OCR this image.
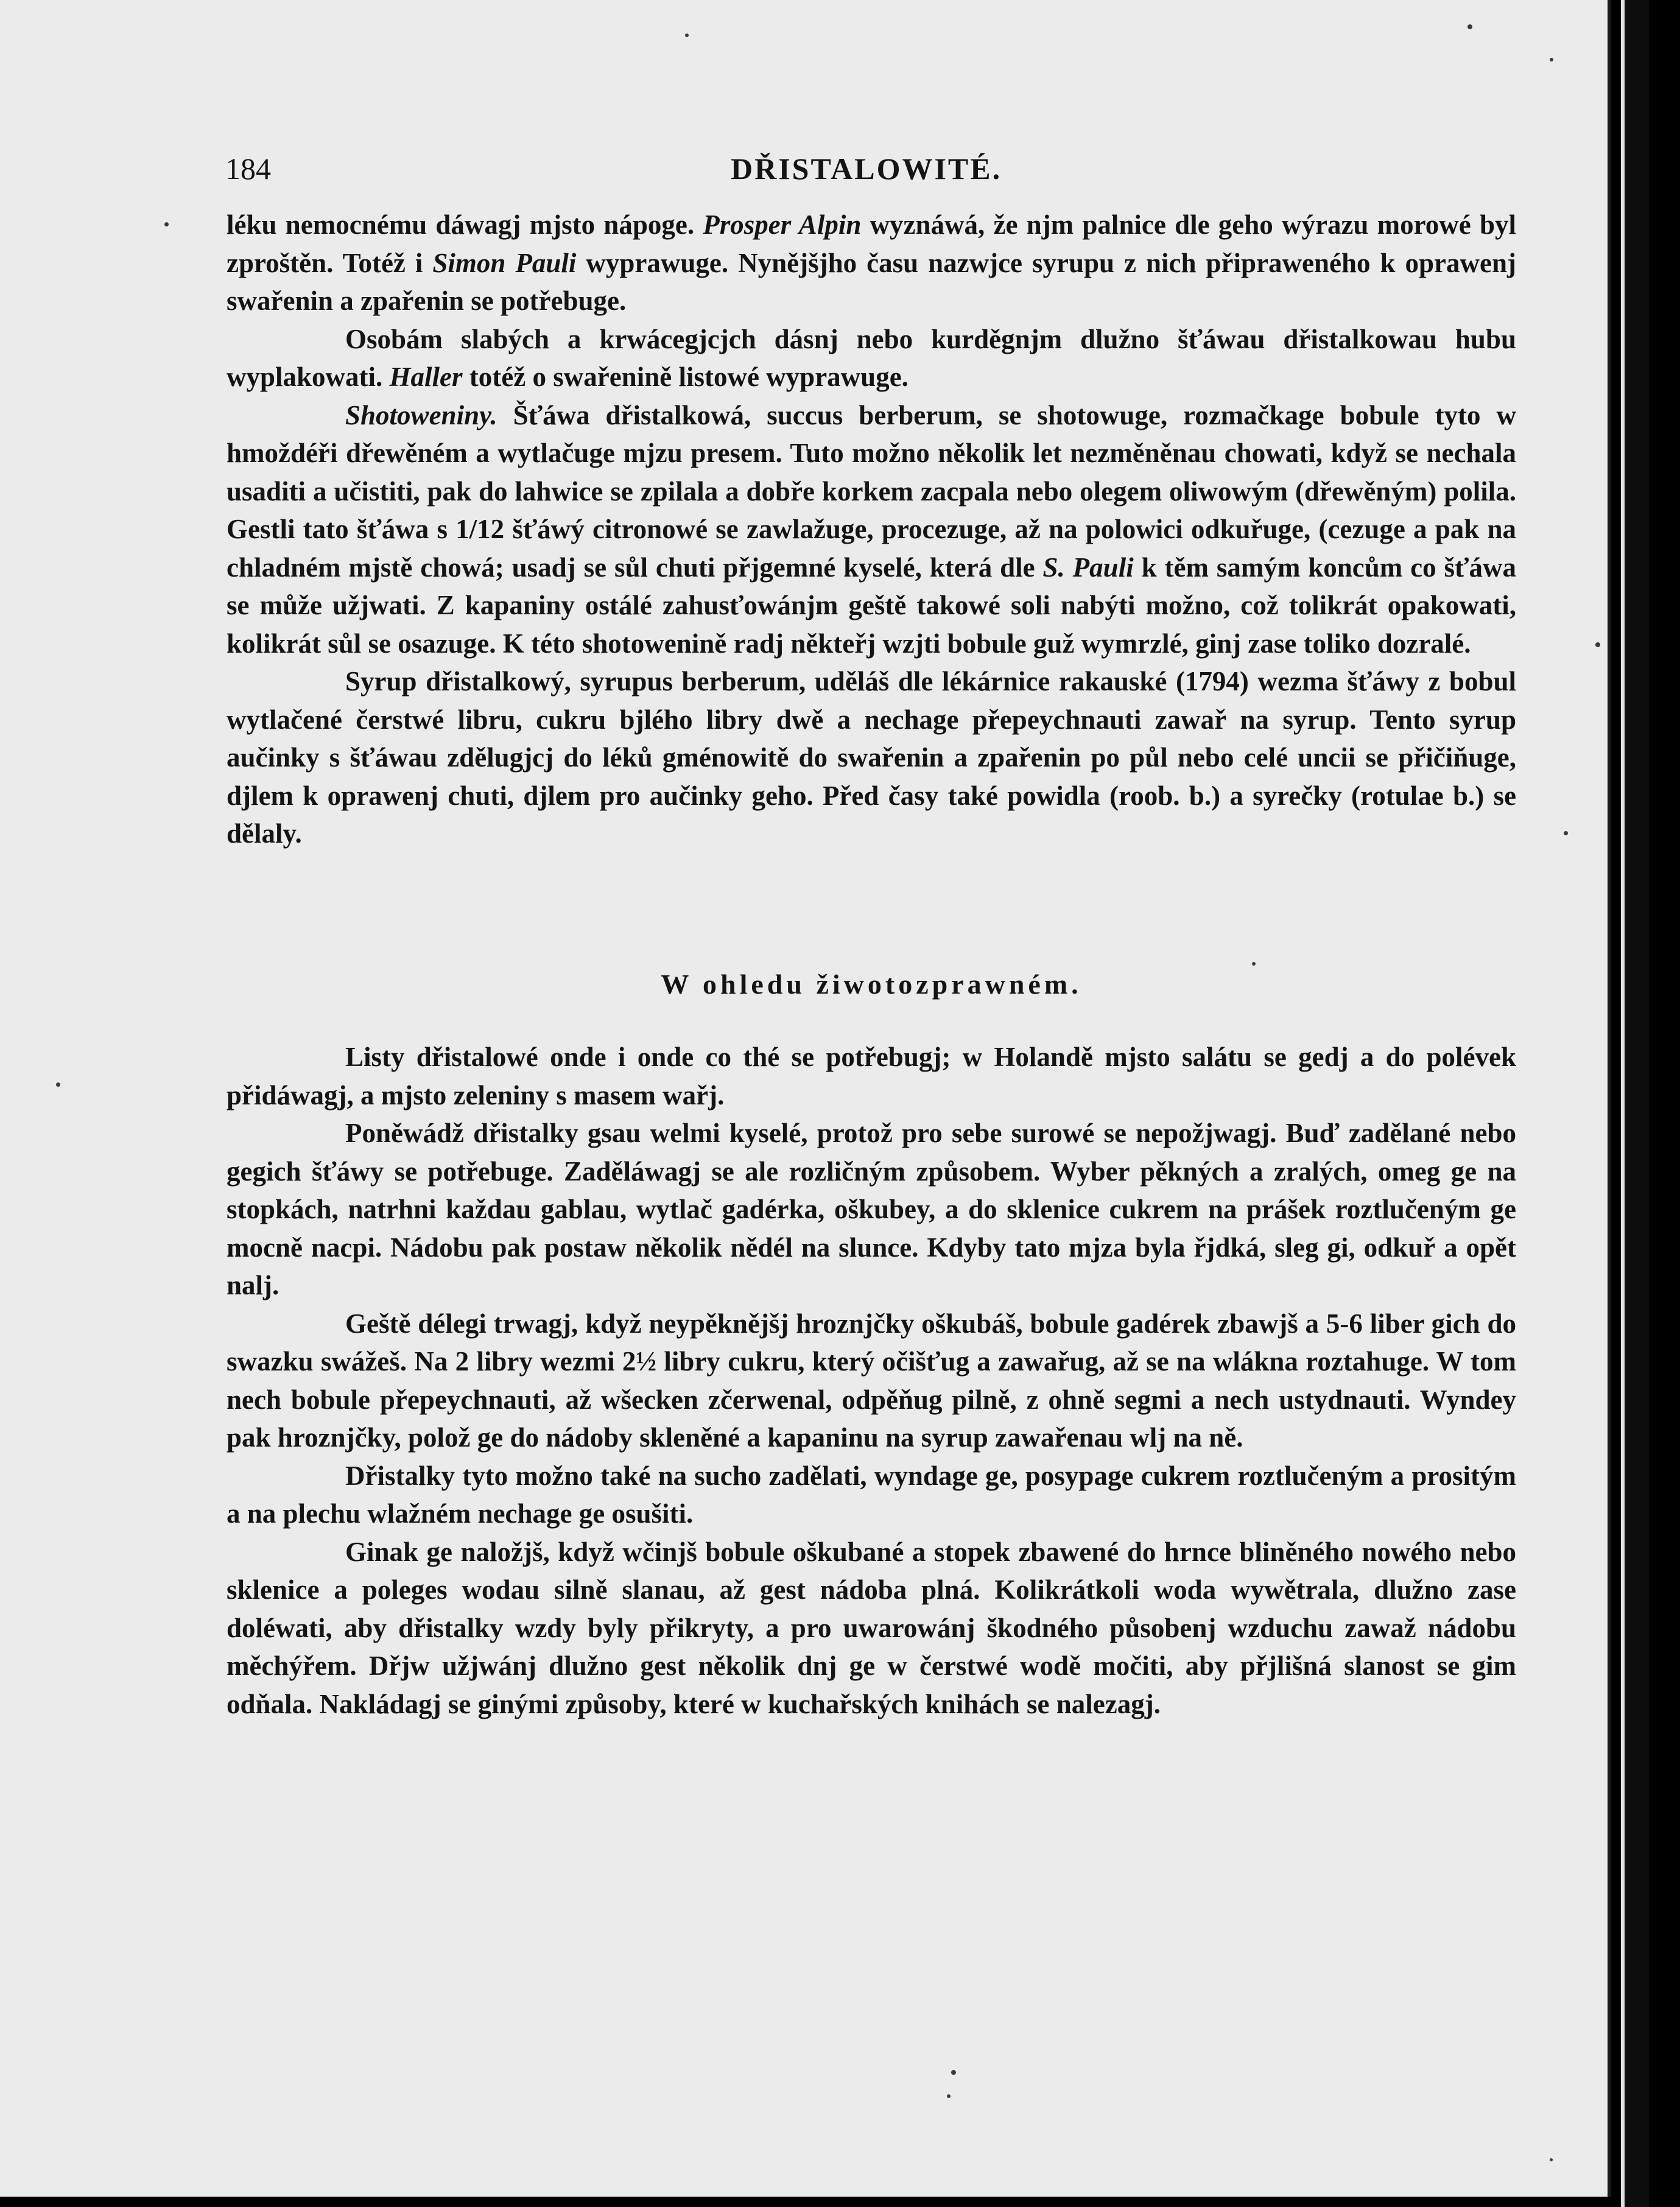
184	DŘISTALOWITÉ.

léku nemocnému dáwagj mjsto nápoge. Prosper Alpin wyznáwá, že njm palnice dle geho wýrazu morowé byl zproštěn. Totéž i Simon Pauli wyprawuge. Nynějšjho času nazwjce syrupu z nich připraweného k oprawenj swařenin a zpařenin se potřebuge.

Osobám slabých a krwácegjcjch dásnj nebo kurděgnjm dlužno šťáwau dřistalkowau hubu wyplakowati. Haller totéž o swařenině listowé wyprawuge.

Shotoweniny. Šťáwa dřistalkowá, succus berberum, se shotowuge, rozmačkage bobule tyto w hmoždéři dřewěném a wytlačuge mjzu presem. Tuto možno několik let nezměněnau chowati, když se nechala usaditi a učistiti, pak do lahwice se zpilala a dobře korkem zacpala nebo olegem oliwowým (dřewěným) polila. Gestli tato šťáwa s 1/12 šťáwý citronowé se zawlažuge, procezuge, až na polowici odkuřuge, (cezuge a pak na chladném mjstě chowá; usadj se sůl chuti přjgemné kyselé, která dle S. Pauli k těm samým koncům co šťáwa se může užjwati. Z kapaniny ostálé zahusťowánjm geště takowé soli nabýti možno, což tolikrát opakowati, kolikrát sůl se osazuge. K této shotowenině radj někteřj wzjti bobule guž wymrzlé, ginj zase toliko dozralé.

Syrup dřistalkowý, syrupus berberum, uděláš dle lékárnice rakauské (1794) wezma šťáwy z bobul wytlačené čerstwé libru, cukru bjlého libry dwě a nechage přepeychnauti zawař na syrup. Tento syrup aučinky s šťáwau zdělugjcj do léků gménowitě do swařenin a zpařenin po půl nebo celé uncii se přičiňuge, djlem k oprawenj chuti, djlem pro aučinky geho. Před časy také powidla (roob. b.) a syrečky (rotulae b.) se dělaly.

W ohledu žiwotozprawném.

Listy dřistalowé onde i onde co thé se potřebugj; w Holandě mjsto salátu se gedj a do polévek přidáwagj, a mjsto zeleniny s masem wařj.

Poněwádž dřistalky gsau welmi kyselé, protož pro sebe surowé se nepožjwagj. Buď zadělané nebo gegich šťáwy se potřebuge. Zaděláwagj se ale rozličným způsobem. Wyber pěkných a zralých, omeg ge na stopkách, natrhni každau gablau, wytlač gadérka, oškubey, a do sklenice cukrem na prášek roztlučeným ge mocně nacpi. Nádobu pak postaw několik nědél na slunce. Kdyby tato mjza byla řjdká, sleg gi, odkuř a opět nalj.

Geště délegi trwagj, když neypěknějšj hroznjčky oškubáš, bobule gadérek zbawjš a 5-6 liber gich do swazku swážeš. Na 2 libry wezmi 2½ libry cukru, který očišťug a zawařug, až se na wlákna roztahuge. W tom nech bobule přepeychnauti, až wšecken zčerwenal, odpěňug pilně, z ohně segmi a nech ustydnauti. Wyndey pak hroznjčky, polož ge do nádoby skleněné a kapaninu na syrup zawařenau wlj na ně.

Dřistalky tyto možno také na sucho zadělati, wyndage ge, posypage cukrem roztlučeným a prositým a na plechu wlažném nechage ge osušiti.

Ginak ge naložjš, když wčinjš bobule oškubané a stopek zbawené do hrnce bliněného nowého nebo sklenice a poleges wodau silně slanau, až gest nádoba plná. Kolikrátkoli woda wywětrala, dlužno zase doléwati, aby dřistalky wzdy byly přikryty, a pro uwarowánj škodného působenj wzduchu zawaž nádobu měchýřem. Dřjw užjwánj dlužno gest několik dnj ge w čerstwé wodě močiti, aby přjlišná slanost se gim odňala. Nakládagj se ginými způsoby, které w kuchařských knihách se nalezagj.
